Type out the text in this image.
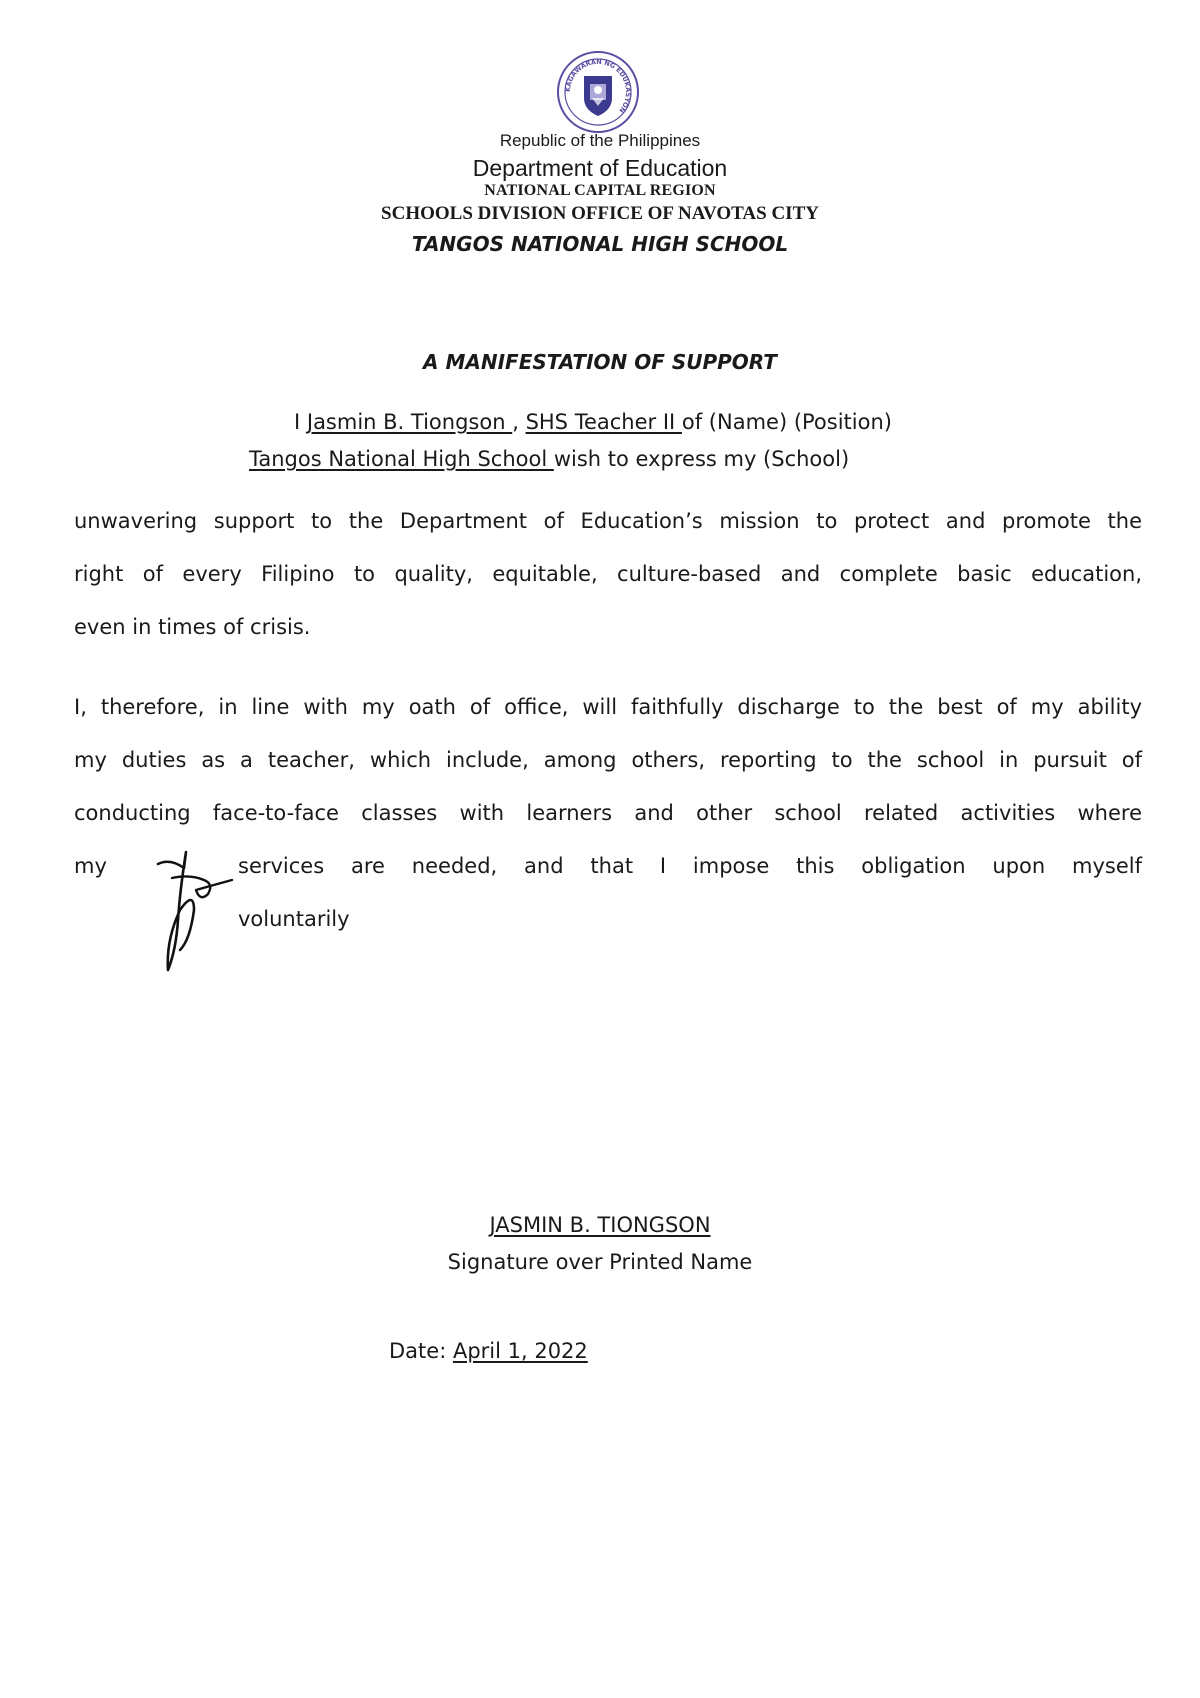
KAGAWARAN NG EDUKASYON
Republic of the Philippines
Department of Education
NATIONAL CAPITAL REGION
SCHOOLS DIVISION OFFICE OF NAVOTAS CITY
TANGOS NATIONAL HIGH SCHOOL
A MANIFESTATION OF SUPPORT
I Jasmin B. Tiongson , SHS Teacher II of (Name) (Position)
Tangos National High School wish to express my (School)
unwavering support to the Department of Education’s mission to protect and promote the
right of every Filipino to quality, equitable, culture-based and complete basic education,
even in times of crisis.
I, therefore, in line with my oath of office, will faithfully discharge to the best of my ability
my duties as a teacher, which include, among others, reporting to the school in pursuit of
conducting face-to-face classes with learners and other school related activities where
my	services are needed, and that I impose this obligation upon myself
voluntarily
JASMIN B. TIONGSON
Signature over Printed Name
Date: April 1, 2022
